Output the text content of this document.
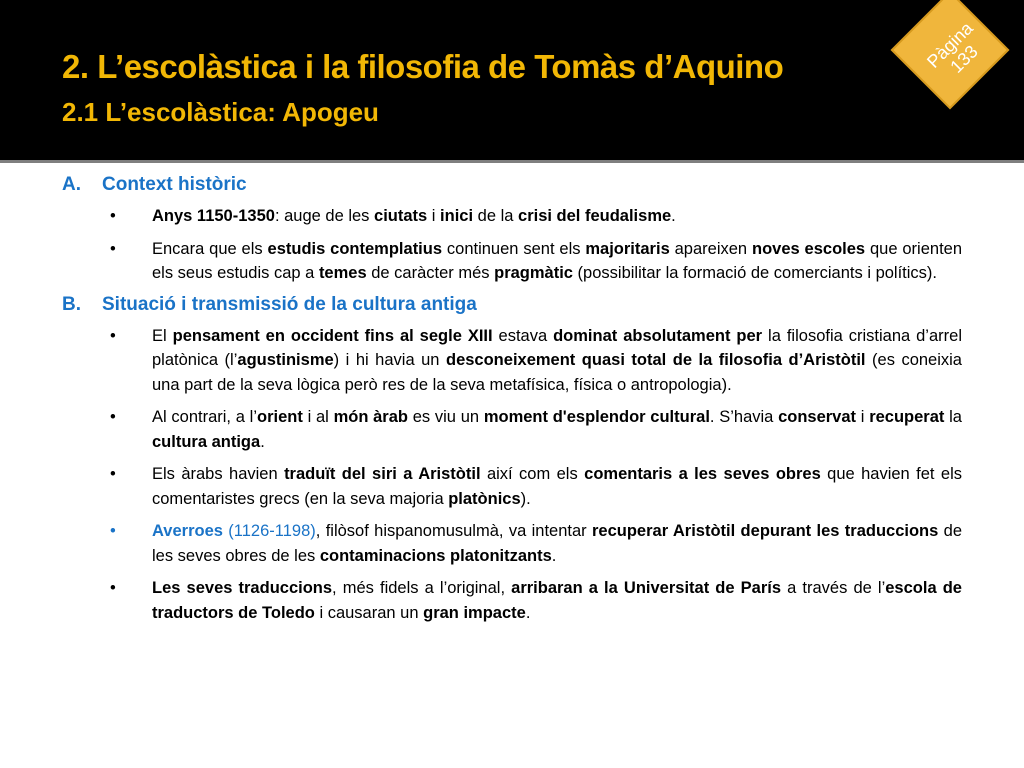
2. L’escolàstica i la filosofia de Tomàs d’Aquino
2.1 L’escolàstica: Apogeu
Pàgina 133
A.	Context històric
• Anys 1150-1350: auge de les ciutats i inici de la crisi del feudalisme.
• Encara que els estudis contemplatius continuen sent els majoritaris apareixen noves escoles que orienten els seus estudis cap a temes de caràcter més pragmàtic (possibilitar la formació de comerciants i polítics).
B.	Situació i transmissió de la cultura antiga
• El pensament en occident fins al segle XIII estava dominat absolutament per la filosofia cristiana d’arrel platònica (l’agustinisme) i hi havia un desconeixement quasi total de la filosofia d’Aristòtil (es coneixia una part de la seva lògica però res de la seva metafísica, física o antropologia).
• Al contrari, a l’orient i al món àrab es viu un moment d'esplendor cultural. S’havia conservat i recuperat la cultura antiga.
• Els àrabs havien traduït del siri a Aristòtil així com els comentaris a les seves obres que havien fet els comentaristes grecs (en la seva majoria platònics).
• Averroes (1126-1198), filòsof hispanomusulmà, va intentar recuperar Aristòtil depurant les traduccions de les seves obres de les contaminacions platonitzants.
• Les seves traduccions, més fidels a l’original, arribaran a la Universitat de París a través de l’escola de traductors de Toledo i causaran un gran impacte.
